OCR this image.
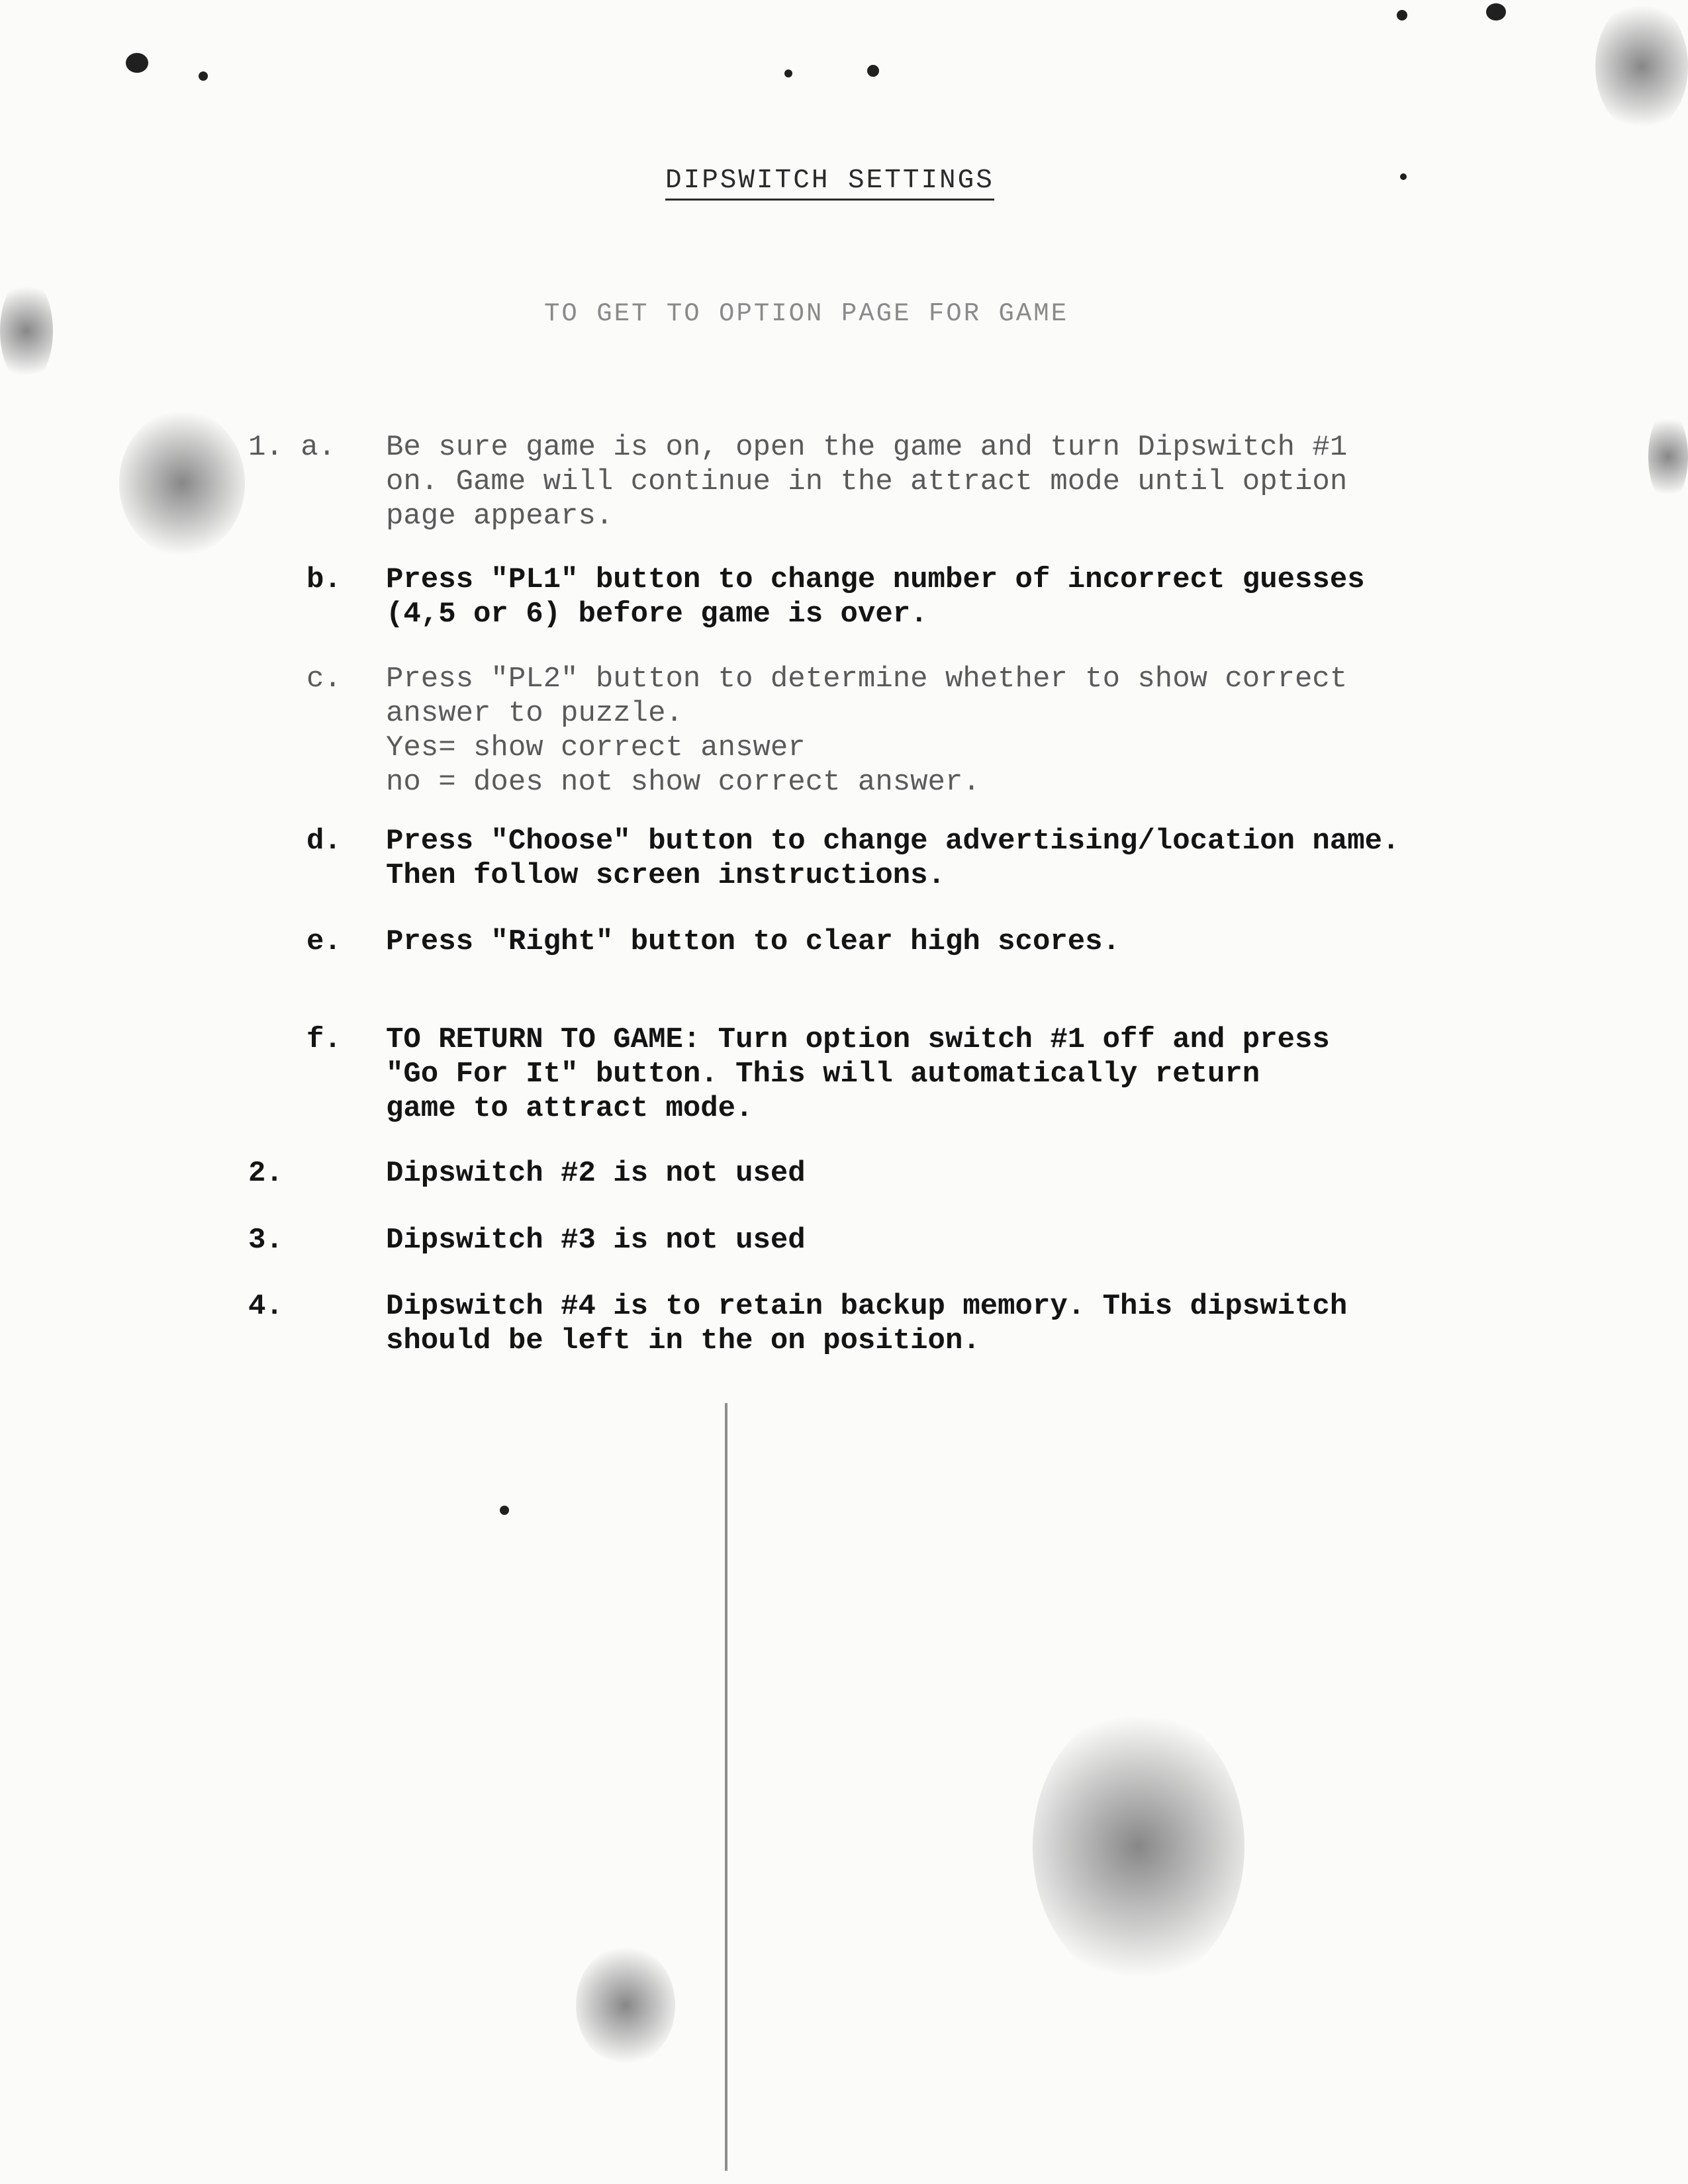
DIPSWITCH SETTINGS
TO GET TO OPTION PAGE FOR GAME
1. a. Be sure game is on, open the game and turn Dipswitch #1
on. Game will continue in the attract mode until option
page appears.
b. Press "PL1" button to change number of incorrect guesses
(4,5 or 6) before game is over.
c. Press "PL2" button to determine whether to show correct
answer to puzzle.
Yes= show correct answer
no = does not show correct answer.
d. Press "Choose" button to change advertising/location name.
Then follow screen instructions.
e. Press "Right" button to clear high scores.
f. TO RETURN TO GAME: Turn option switch #1 off and press
"Go For It" button. This will automatically return
game to attract mode.
2.	Dipswitch #2 is not used
3.	Dipswitch #3 is not used
4.	Dipswitch #4 is to retain backup memory. This dipswitch
should be left in the on position.
